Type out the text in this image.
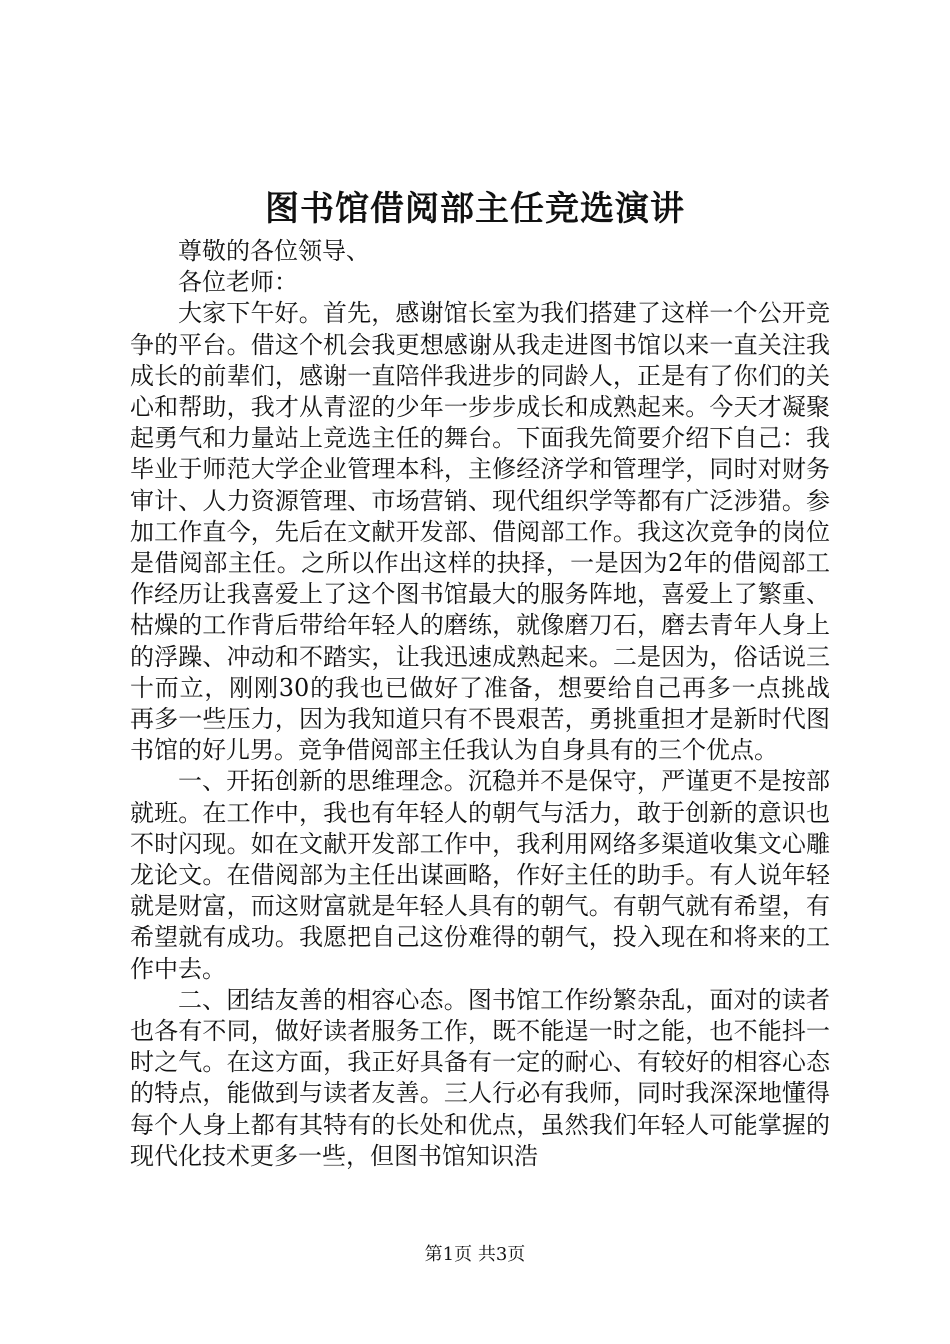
图书馆借阅部主任竞选演讲

尊敬的各位领导、

各位老师：

大家下午好。首先，感谢馆长室为我们搭建了这样一个公开竞争的平台。借这个机会我更想感谢从我走进图书馆以来一直关注我成长的前辈们，感谢一直陪伴我进步的同龄人，正是有了你们的关心和帮助，我才从青涩的少年一步步成长和成熟起来。今天才凝聚起勇气和力量站上竞选主任的舞台。下面我先简要介绍下自己：我毕业于师范大学企业管理本科，主修经济学和管理学，同时对财务审计、人力资源管理、市场营销、现代组织学等都有广泛涉猎。参加工作直今，先后在文献开发部、借阅部工作。我这次竞争的岗位是借阅部主任。之所以作出这样的抉择，一是因为2年的借阅部工作经历让我喜爱上了这个图书馆最大的服务阵地，喜爱上了繁重、枯燥的工作背后带给年轻人的磨练，就像磨刀石，磨去青年人身上的浮躁、冲动和不踏实，让我迅速成熟起来。二是因为，俗话说三十而立，刚刚30的我也已做好了准备，想要给自己再多一点挑战再多一些压力，因为我知道只有不畏艰苦，勇挑重担才是新时代图书馆的好儿男。竞争借阅部主任我认为自身具有的三个优点。

一、开拓创新的思维理念。沉稳并不是保守，严谨更不是按部就班。在工作中，我也有年轻人的朝气与活力，敢于创新的意识也不时闪现。如在文献开发部工作中，我利用网络多渠道收集文心雕龙论文。在借阅部为主任出谋画略，作好主任的助手。有人说年轻就是财富，而这财富就是年轻人具有的朝气。有朝气就有希望，有希望就有成功。我愿把自己这份难得的朝气，投入现在和将来的工作中去。

二、团结友善的相容心态。图书馆工作纷繁杂乱，面对的读者也各有不同，做好读者服务工作，既不能逞一时之能，也不能抖一时之气。在这方面，我正好具备有一定的耐心、有较好的相容心态的特点，能做到与读者友善。三人行必有我师，同时我深深地懂得每个人身上都有其特有的长处和优点，虽然我们年轻人可能掌握的现代化技术更多一些，但图书馆知识浩

第1页 共3页
